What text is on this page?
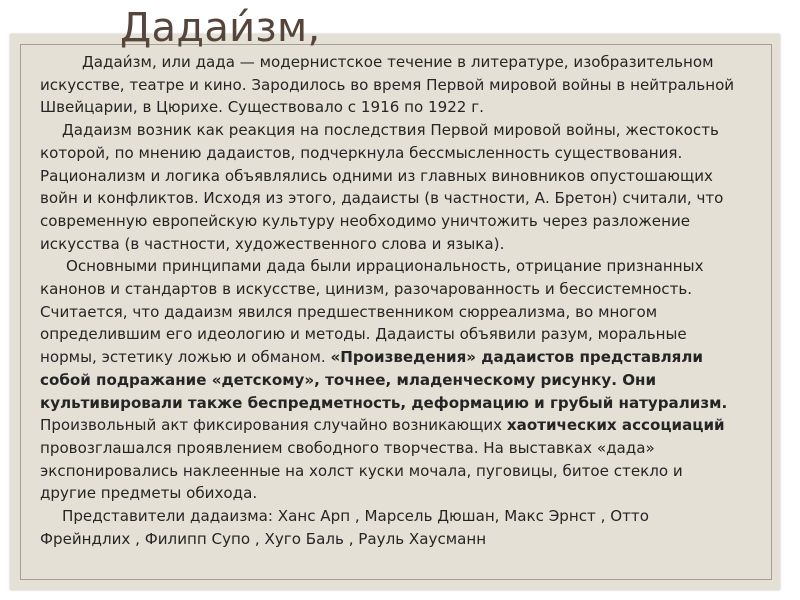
Дадаи́зм,

Дадаи́зм, или дада — модернистское течение в литературе, изобразительном искусстве, театре и кино. Зародилось во время Первой мировой войны в нейтральной Швейцарии, в Цюрихе. Существовало с 1916 по 1922 г.

Дадаизм возник как реакция на последствия Первой мировой войны, жестокость которой, по мнению дадаистов, подчеркнула бессмысленность существования. Рационализм и логика объявлялись одними из главных виновников опустошающих войн и конфликтов. Исходя из этого, дадаисты (в частности, А. Бретон) считали, что современную европейскую культуру необходимо уничтожить через разложение искусства (в частности, художественного слова и языка).

Основными принципами дада были иррациональность, отрицание признанных канонов и стандартов в искусстве, цинизм, разочарованность и бессистемность. Считается, что дадаизм явился предшественником сюрреализма, во многом определившим его идеологию и методы. Дадаисты объявили разум, моральные нормы, эстетику ложью и обманом. «Произведения» дадаистов представляли собой подражание «детскому», точнее, младенческому рисунку. Они культивировали также беспредметность, деформацию и грубый натурализм. Произвольный акт фиксирования случайно возникающих хаотических ассоциаций провозглашался проявлением свободного творчества. На выставках «дада» экспонировались наклеенные на холст куски мочала, пуговицы, битое стекло и другие предметы обихода.

Представители дадаизма: Ханс Арп , Марсель Дюшан, Макс Эрнст , Отто Фрейндлих , Филипп Супо , Хуго Баль , Рауль Хаусманн
